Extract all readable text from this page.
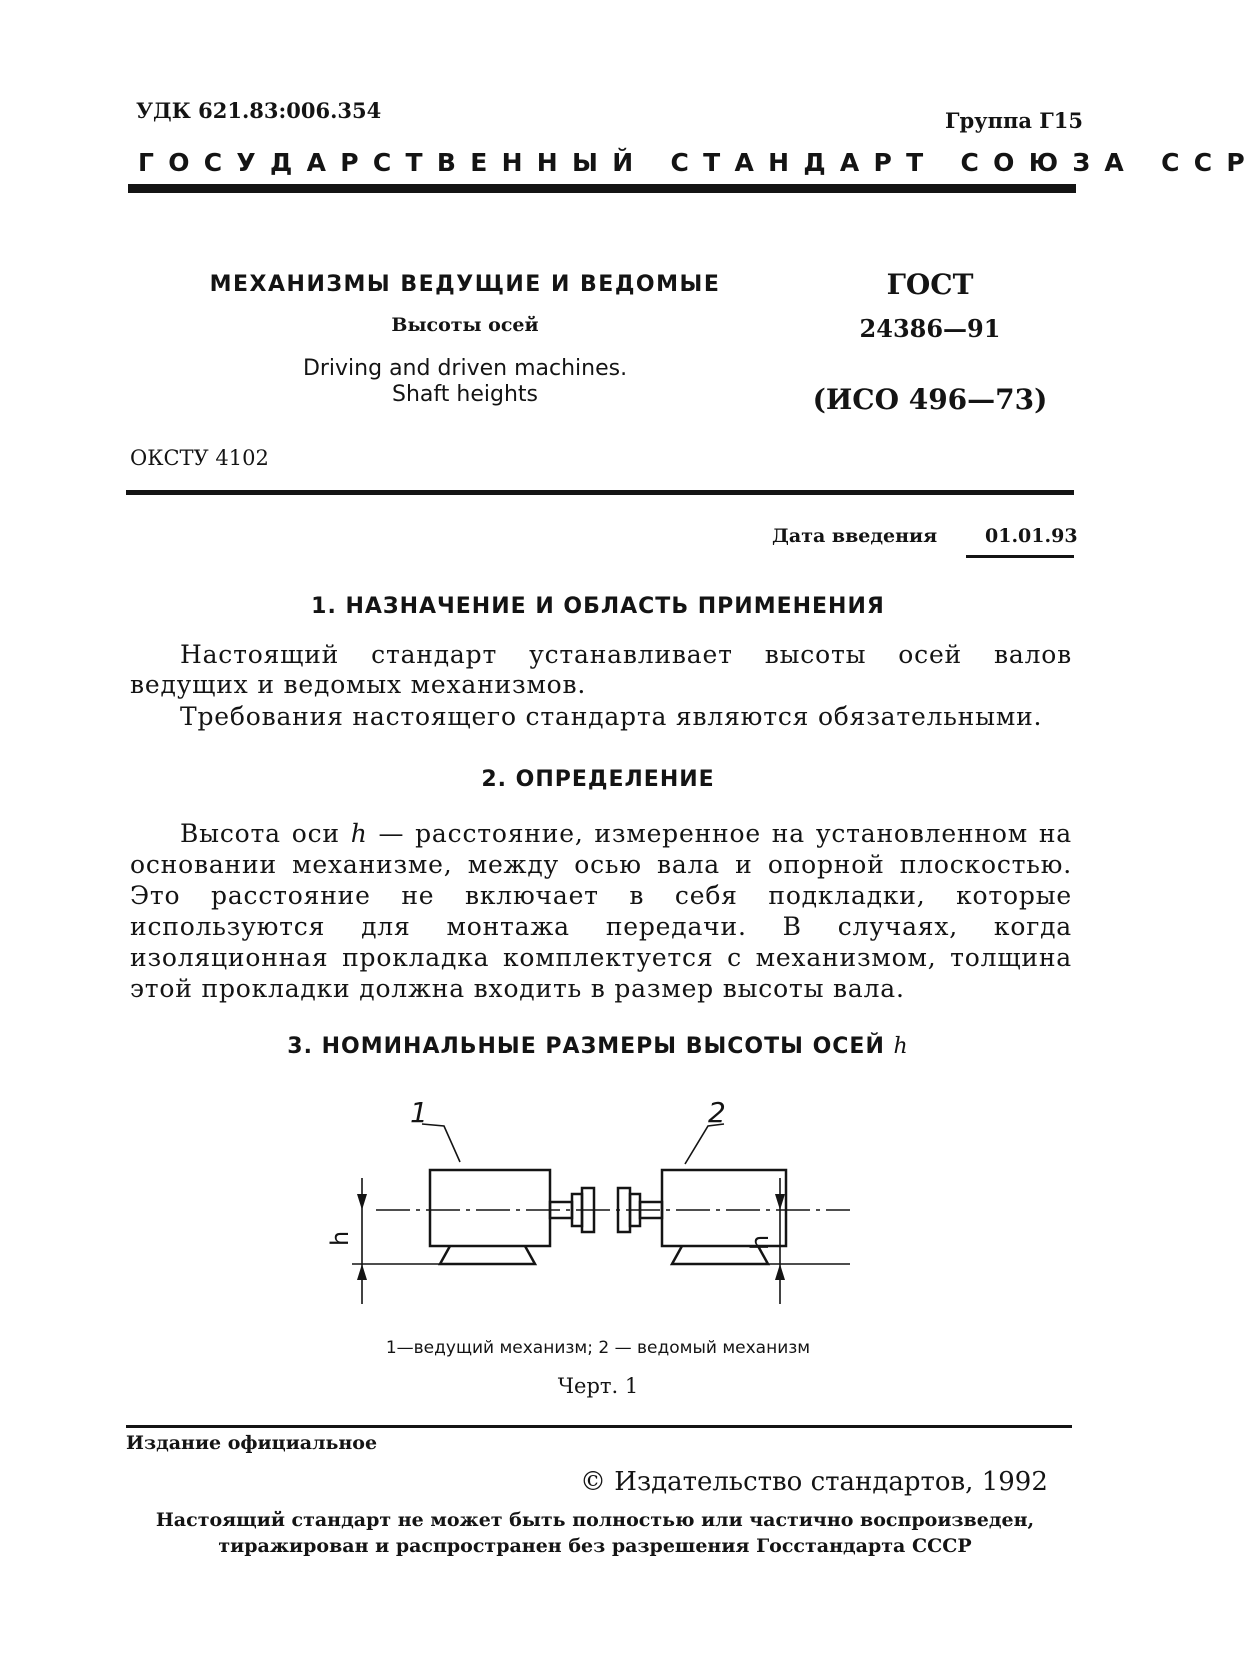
УДК 621.83:006.354	Группа Г15
ГОСУДАРСТВЕННЫЙ СТАНДАРТ СОЮЗА ССР
МЕХАНИЗМЫ ВЕДУЩИЕ И ВЕДОМЫЕ
Высоты осей
Driving and driven machines.
Shaft heights
ГОСТ
24386—91
(ИСО 496—73)
ОКСТУ 4102
Дата введения	01.01.93
1. НАЗНАЧЕНИЕ И ОБЛАСТЬ ПРИМЕНЕНИЯ
Настоящий стандарт устанавливает высоты осей валов ведущих и ведомых механизмов.
Требования настоящего стандарта являются обязательными.
2. ОПРЕДЕЛЕНИЕ
Высота оси h — расстояние, измеренное на установленном на основании механизме, между осью вала и опорной плоскостью. Это расстояние не включает в себя подкладки, которые используются для монтажа передачи. В случаях, когда изоляционная прокладка комплектуется с механизмом, толщина этой прокладки должна входить в размер высоты вала.
3. НОМИНАЛЬНЫЕ РАЗМЕРЫ ВЫСОТЫ ОСЕЙ h
1	2
h	h
1—ведущий механизм; 2 — ведомый механизм
Черт. 1
Издание официальное
© Издательство стандартов, 1992
Настоящий стандарт не может быть полностью или частично воспроизведен,
тиражирован и распространен без разрешения Госстандарта СССР
